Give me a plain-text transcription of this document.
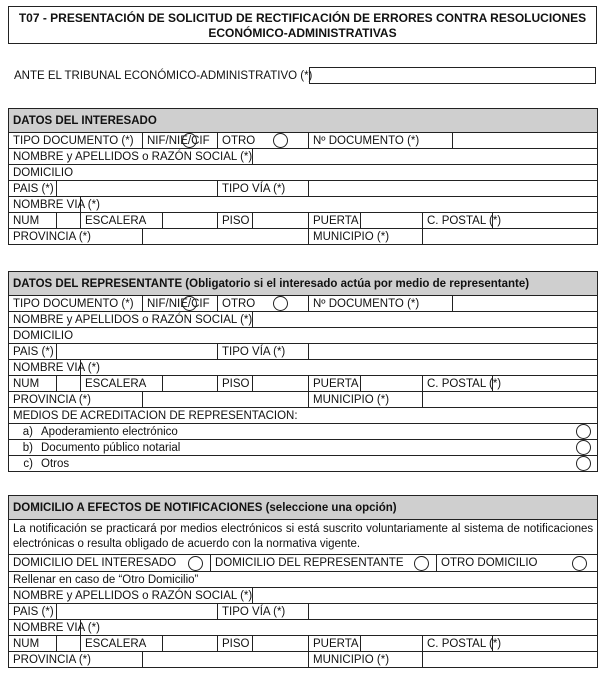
T07 - PRESENTACIÓN DE SOLICITUD DE RECTIFICACIÓN DE ERRORES CONTRA RESOLUCIONES ECONÓMICO-ADMINISTRATIVAS
ANTE EL TRIBUNAL ECONÓMICO-ADMINISTRATIVO (*)
DATOS DEL INTERESADO											
TIPO DOCUMENTO (*)			NIF/NIE/CIF		OTRO		Nº DOCUMENTO (*)				
NOMBRE y APELLIDOS o RAZÓN SOCIAL (*)											
DOMICILIO											
PAIS (*)					TIPO VÍA (*)						
NOMBRE VIA (*)											
NUM		ESCALERA			PISO		PUERTA		C. POSTAL (*)		
PROVINCIA (*)							MUNICIPIO (*)				
DATOS DEL REPRESENTANTE (Obligatorio si el interesado actúa por medio de representante)											
TIPO DOCUMENTO (*)			NIF/NIE/CIF		OTRO		Nº DOCUMENTO (*)				
NOMBRE y APELLIDOS o RAZÓN SOCIAL (*)											
DOMICILIO											
PAIS (*)					TIPO VÍA (*)						
NOMBRE VIA (*)											
NUM		ESCALERA			PISO		PUERTA		C. POSTAL (*)		
PROVINCIA (*)							MUNICIPIO (*)				
MEDIOS DE ACREDITACION DE REPRESENTACION:											
a) Apoderamiento electrónico											
b) Documento público notarial											
c) Otros											
DOMICILIO A EFECTOS DE NOTIFICACIONES (seleccione una opción)										
La notificación se practicará por medios electrónicos si está suscrito voluntariamente al sistema de notificaciones electrónicas o resulta obligado de acuerdo con la normativa vigente.										

DOMICILIO DEL INTERESADO DOMICILIO DEL REPRESENTANTE OTRO DOMICILIO										

Rellenar en caso de “Otro Domicilio”										
NOMBRE y APELLIDOS o RAZÓN SOCIAL (*)										
PAIS (*)					TIPO VÍA (*)					
NOMBRE VIA (*)										
NUM		ESCALERA			PISO		PUERTA		C. POSTAL (*)	
PROVINCIA (*)							MUNICIPIO (*)			
